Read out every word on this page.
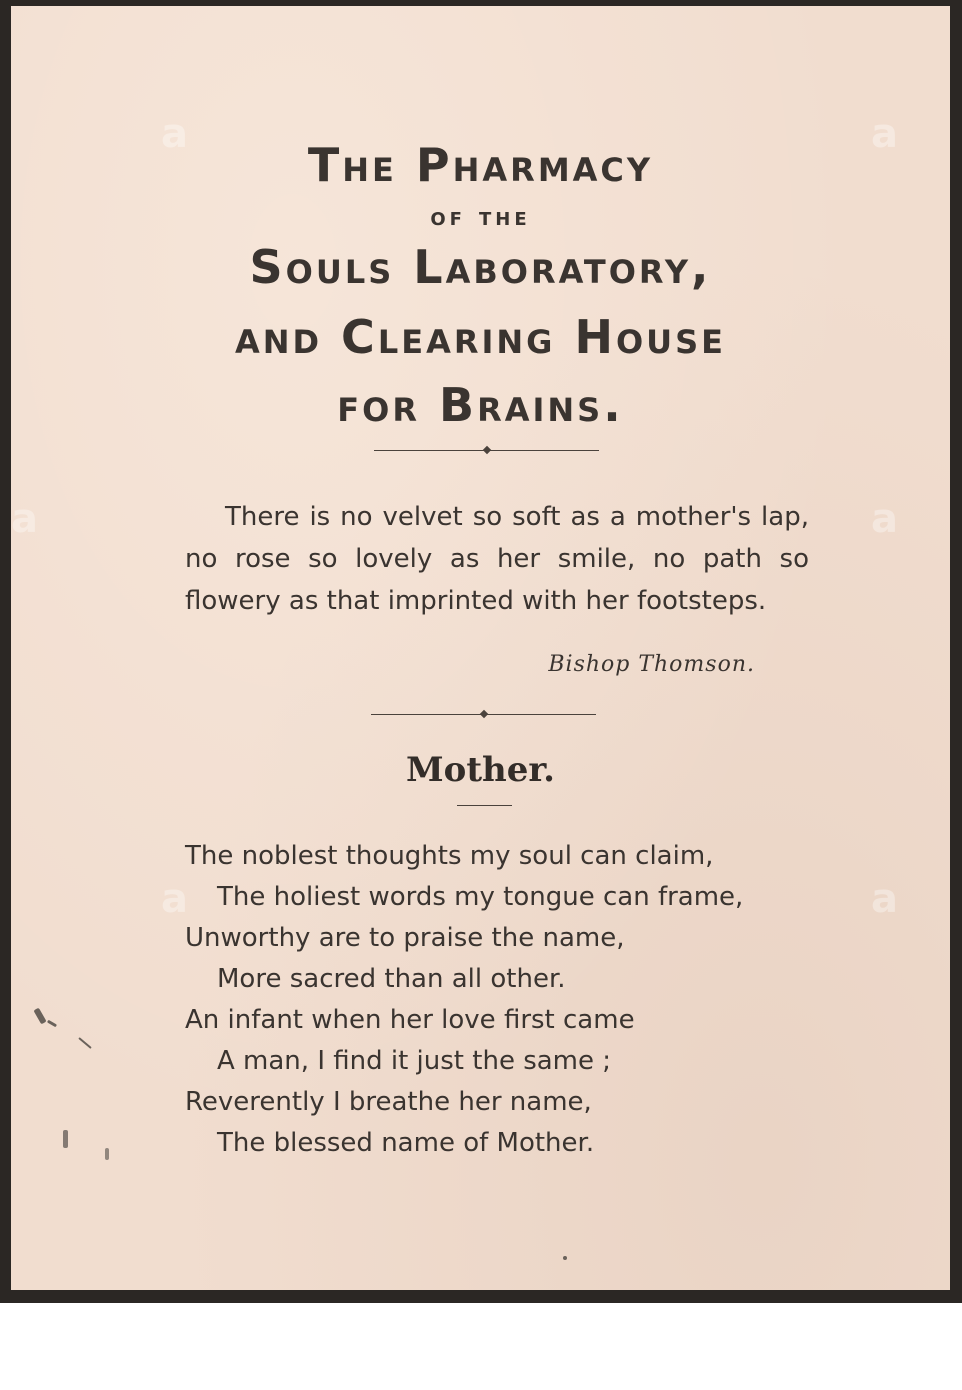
a	a
a	a
a	a
The Pharmacy
of the
Souls Laboratory,
and Clearing House
for Brains.

There is no velvet so soft as a mother's lap, no rose so lovely as her smile, no path so flowery as that imprinted with her footsteps.

Bishop Thomson.

Mother.
The noblest thoughts my soul can claim,
The holiest words my tongue can frame,
Unworthy are to praise the name,
More sacred than all other.
An infant when her love first came
A man, I find it just the same ;
Reverently I breathe her name,
The blessed name of Mother.
